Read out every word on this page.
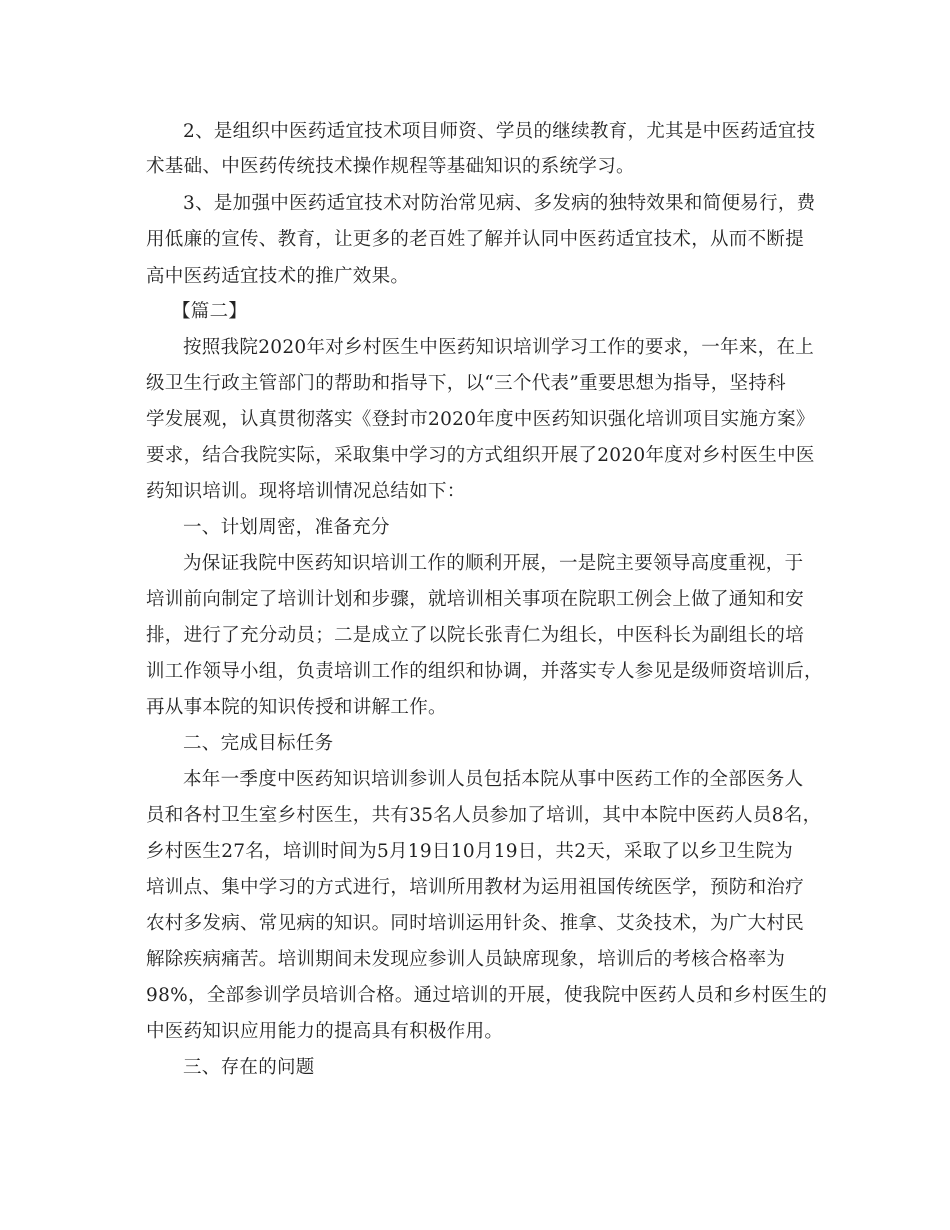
2、是组织中医药适宜技术项目师资、学员的继续教育，尤其是中医药适宜技
术基础、中医药传统技术操作规程等基础知识的系统学习。
3、是加强中医药适宜技术对防治常见病、多发病的独特效果和简便易行，费
用低廉的宣传、教育，让更多的老百姓了解并认同中医药适宜技术，从而不断提
高中医药适宜技术的推广效果。
【篇二】
按照我院2020年对乡村医生中医药知识培训学习工作的要求，一年来，在上
级卫生行政主管部门的帮助和指导下，以“三个代表”重要思想为指导，坚持科
学发展观，认真贯彻落实《登封市2020年度中医药知识强化培训项目实施方案》
要求，结合我院实际，采取集中学习的方式组织开展了2020年度对乡村医生中医
药知识培训。现将培训情况总结如下：
一、计划周密，准备充分
为保证我院中医药知识培训工作的顺利开展，一是院主要领导高度重视，于
培训前向制定了培训计划和步骤，就培训相关事项在院职工例会上做了通知和安
排，进行了充分动员；二是成立了以院长张青仁为组长，中医科长为副组长的培
训工作领导小组，负责培训工作的组织和协调，并落实专人参见是级师资培训后，
再从事本院的知识传授和讲解工作。
二、完成目标任务
本年一季度中医药知识培训参训人员包括本院从事中医药工作的全部医务人
员和各村卫生室乡村医生，共有35名人员参加了培训，其中本院中医药人员8名，
乡村医生27名，培训时间为5月19日10月19日，共2天，采取了以乡卫生院为
培训点、集中学习的方式进行，培训所用教材为运用祖国传统医学，预防和治疗
农村多发病、常见病的知识。同时培训运用针灸、推拿、艾灸技术，为广大村民
解除疾病痛苦。培训期间未发现应参训人员缺席现象，培训后的考核合格率为
98%，全部参训学员培训合格。通过培训的开展，使我院中医药人员和乡村医生的
中医药知识应用能力的提高具有积极作用。
三、存在的问题
